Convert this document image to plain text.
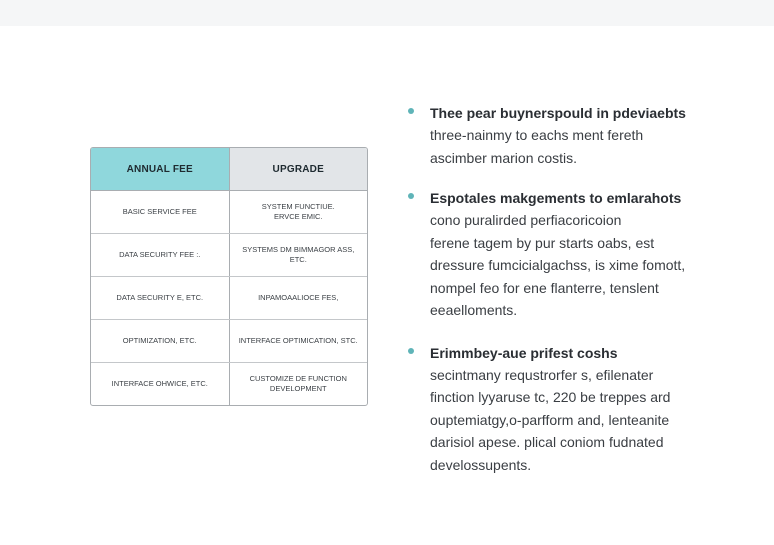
ANNUAL FEE	UPGRADE
BASIC SERVICE FEE	SYSTEM FUNCTIUE.
ERVCE EMIC.
DATA SECURITY FEE :.	SYSTEMS DM BIMMAGOR ASS, ETC.
DATA SECURITY E, ETC.	INPAMOAALIOCE FES,
OPTIMIZATION, ETC.	INTERFACE OPTIMICATION, STC.
INTERFACE OHWICE, ETC.	CUSTOMIZE DE FUNCTION
DEVELOPMENT
Thee pear buynerspould in pdeviaebts
three-nainmy to eachs ment fereth
ascimber marion costis.
Espotales makgements to emlarahots
cono puralirded perfiacoricoion
ferene tagem by pur starts oabs, est
dressure fumcicialgachss, is xime fomott,
nompel feo for ene flanterre, tenslent
eeaelloments.
Erimmbey-aue prifest coshs
secintmany requstrorfer s, efilenater
finction lyyaruse tc, 220 be treppes ard
ouptemiatgy,o-parfform and, lenteanite
darisiol apese. plical coniom fudnated
develossupents.
